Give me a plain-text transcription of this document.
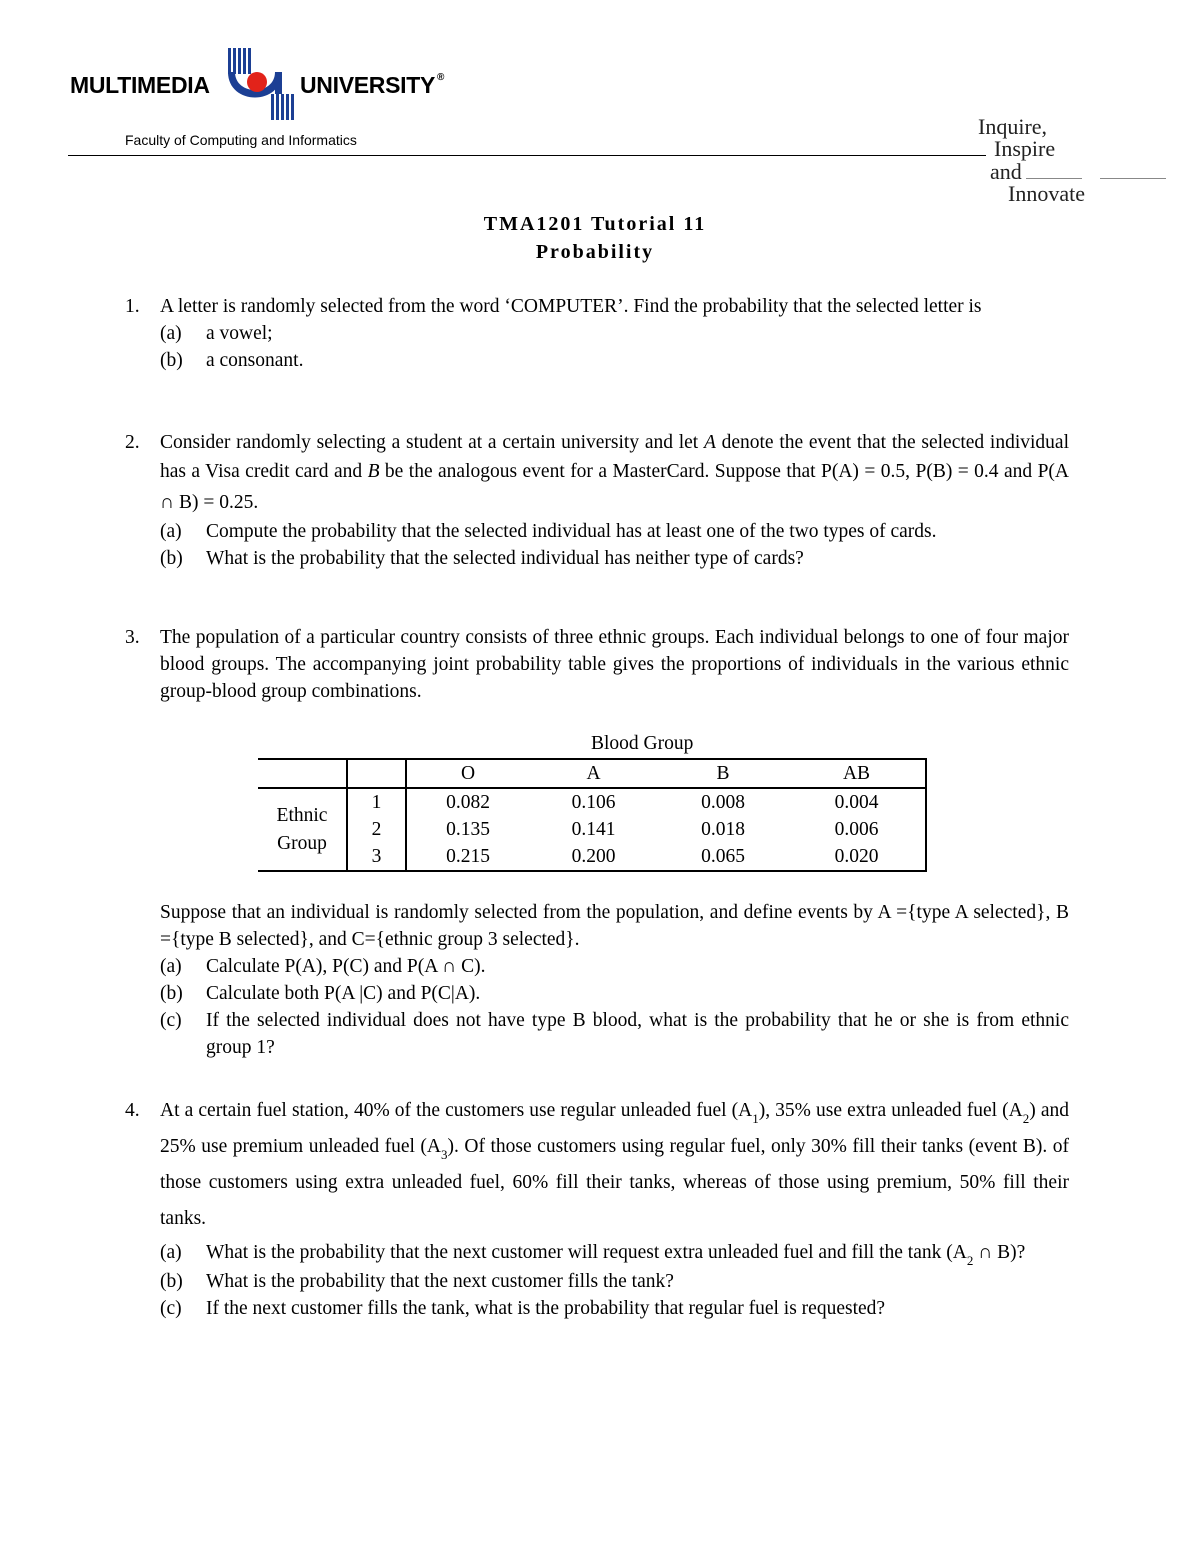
MULTIMEDIA	UNIVERSITY ®
Faculty of Computing and Informatics
Inquire,
Inspire
and
Innovate
TMA1201 Tutorial 11
Probability
1. A letter is randomly selected from the word ‘COMPUTER’. Find the probability that the selected letter is
(a) a vowel;
(b) a consonant.
2. Consider randomly selecting a student at a certain university and let A denote the event that the selected individual has a Visa credit card and B be the analogous event for a MasterCard. Suppose that P(A) = 0.5, P(B) = 0.4 and P(A ∩ B) = 0.25.
(a) Compute the probability that the selected individual has at least one of the two types of cards.
(b) What is the probability that the selected individual has neither type of cards?
3. The population of a particular country consists of three ethnic groups. Each individual belongs to one of four major blood groups. The accompanying joint probability table gives the proportions of individuals in the various ethnic group-blood group combinations.
Blood Group
		O	A	B	AB

Ethnic
Group	1	0.082	0.106	0.008	0.004
	2	0.135	0.141	0.018	0.006
	3	0.215	0.200	0.065	0.020
Suppose that an individual is randomly selected from the population, and define events by A ={type A selected}, B ={type B selected}, and C={ethnic group 3 selected}.
(a) Calculate P(A), P(C) and P(A ∩ C).
(b) Calculate both P(A |C) and P(C|A).
(c) If the selected individual does not have type B blood, what is the probability that he or she is from ethnic group 1?
4. At a certain fuel station, 40% of the customers use regular unleaded fuel $(A_1)$, 35% use extra unleaded fuel $(A_2)$ and 25% use premium unleaded fuel $(A_3)$. Of those customers using regular fuel, only 30% fill their tanks (event B). of those customers using extra unleaded fuel, 60% fill their tanks, whereas of those using premium, 50% fill their tanks.
(a) What is the probability that the next customer will request extra unleaded fuel and fill the tank ($A_2$ ∩ B)?
(b) What is the probability that the next customer fills the tank?
(c) If the next customer fills the tank, what is the probability that regular fuel is requested?
